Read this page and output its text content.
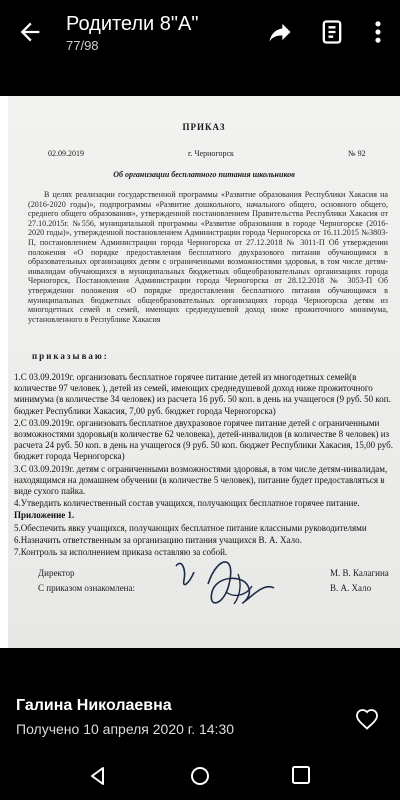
Родители 8"А"
77/98
ПРИКАЗ
02.09.2019	г. Черногорск	№ 92
Об организации бесплатного питания школьников
В целях реализации государственной программы «Развитие образования Республики Хакасия на (2016-2020 годы)», подпрограммы «Развитие дошкольного, начального общего, основного общего, среднего общего образования», утвержденной постановлением Правительства Республики Хакасия от 27.10.2015г. №556, муниципальной программы «Развитие образования в городе Черногорске (2016-2020 годы)», утвержденной постановлением Администрации города Черногорска от 16.11.2015 №3803-П, постановлением Администрации города Черногорска от 27.12.2018 № 3011-П Об утверждении положения «О порядке предоставления бесплатного двухразового питания обучающимся в образовательных организациях детям с ограниченными возможностями здоровья, в том числе детям-инвалидам обучающихся в муниципальных бюджетных общеобразовательных организациях города Черногорск, Постановления Администрации города Черногорска от 28.12.2018 № 3053-П Об утверждении положения «О порядке предоставления бесплатного питания обучающимся в муниципальных бюджетных общеобразовательных организациях города Черногорска детям из многодетных семей и семей, имеющих среднедушевой доход ниже прожиточного минимума, установленного в Республике Хакасия
приказываю:

1.С 03.09.2019г. организовать бесплатное горячее питание детей из многодетных семей(в количестве 97 человек ), детей из семей, имеющих среднедушевой доход ниже прожиточного минимума (в количестве 34 человек) из расчета 16 руб. 50 коп. в день на учащегося (9 руб. 50 коп. бюджет Республики Хакасия, 7,00 руб. бюджет города Черногорска)

2.С 03.09.2019г. организовать бесплатное двухразовое горячее питание детей с ограниченными возможностями здоровья(в количестве 62 человека), детей-инвалидов (в количестве 8 человек) из расчета 24 руб. 50 коп. в день на учащегося (9 руб. 50 коп. бюджет Республики Хакасия, 15,00 руб. бюджет города Черногорска)

3.С 03.09.2019г. детям с ограниченными возможностями здоровья, в том числе детям-инвалидам, находящимся на домашнем обучении (в количестве 5 человек), питание будет предоставляться в виде сухого пайка.

4.Утвердить количественный состав учащихся, получающих бесплатное горячее питание.

Приложение 1.

5.Обеспечить явку учащихся, получающих бесплатное питание классными руководителями

6.Назначить ответственным за организацию питания учащихся В. А. Хало.

7.Контроль за исполнением приказа оставляю за собой.

Директор	М. В. Калагина
С приказом ознакомлена:	В. А. Хало
Галина Николаевна
Получено 10 апреля 2020 г. 14:30
